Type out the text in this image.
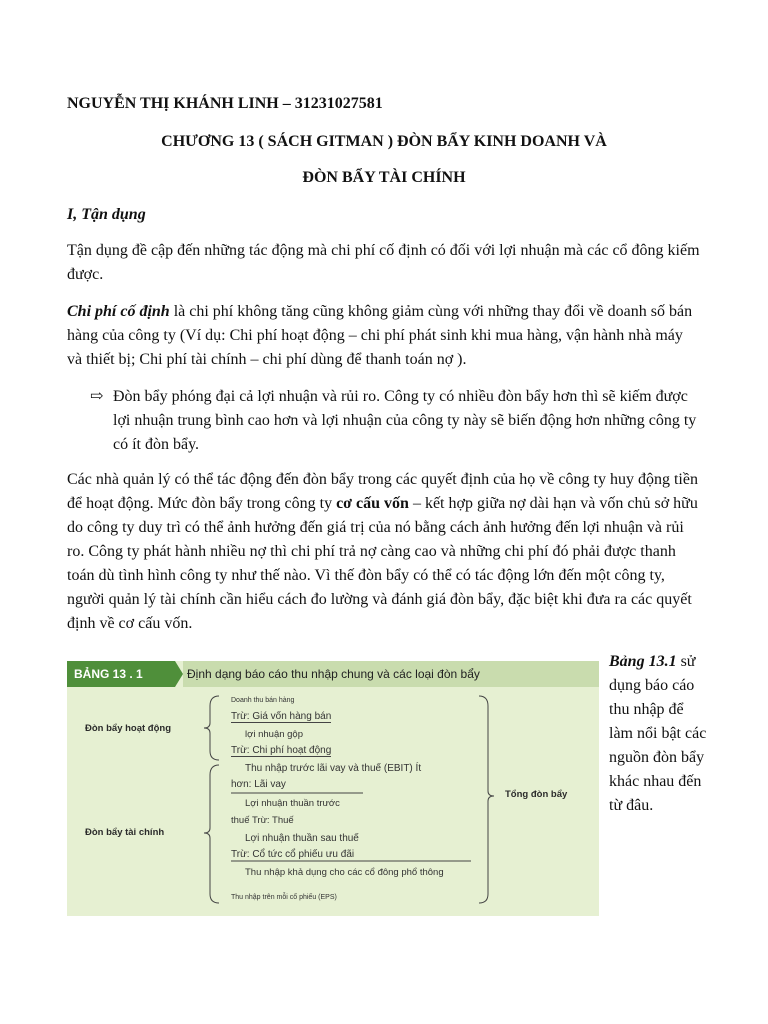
NGUYỄN THỊ KHÁNH LINH – 31231027581
CHƯƠNG 13 ( SÁCH GITMAN ) ĐÒN BẨY KINH DOANH VÀ
ĐÒN BẨY TÀI CHÍNH
I, Tận dụng
Tận dụng đề cập đến những tác động mà chi phí cố định có đối với lợi nhuận mà các cổ đông kiếm được.
Chi phí cố định là chi phí không tăng cũng không giảm cùng với những thay đổi về doanh số bán hàng của công ty (Ví dụ: Chi phí hoạt động – chi phí phát sinh khi mua hàng, vận hành nhà máy và thiết bị; Chi phí tài chính – chi phí dùng để thanh toán nợ ).
⇨ Đòn bẩy phóng đại cả lợi nhuận và rủi ro. Công ty có nhiều đòn bẩy hơn thì sẽ kiếm được lợi nhuận trung bình cao hơn và lợi nhuận của công ty này sẽ biến động hơn những công ty có ít đòn bẩy.
Các nhà quản lý có thể tác động đến đòn bẩy trong các quyết định của họ về công ty huy động tiền để hoạt động. Mức đòn bẩy trong công ty cơ cấu vốn – kết hợp giữa nợ dài hạn và vốn chủ sở hữu do công ty duy trì có thể ảnh hưởng đến giá trị của nó bằng cách ảnh hưởng đến lợi nhuận và rủi ro. Công ty phát hành nhiều nợ thì chi phí trả nợ càng cao và những chi phí đó phải được thanh toán dù tình hình công ty như thế nào. Vì thế đòn bẩy có thể có tác động lớn đến một công ty, người quản lý tài chính cần hiểu cách đo lường và đánh giá đòn bẩy, đặc biệt khi đưa ra các quyết định về cơ cấu vốn.
BẢNG 13 . 1	Định dạng báo cáo thu nhập chung và các loại đòn bẩy
Đòn bẩy hoạt động
Đòn bẩy tài chính
Tổng đòn bẩy
Doanh thu bán hàng
Trừ: Giá vốn hàng bán
lợi nhuận gộp
Trừ: Chi phí hoạt động
Thu nhập trước lãi vay và thuế (EBIT) Ít
hơn: Lãi vay
Lợi nhuận thuần trước
thuế Trừ: Thuế
Lợi nhuận thuần sau thuế
Trừ: Cổ tức cổ phiếu ưu đãi
Thu nhập khả dụng cho các cổ đông phổ thông
Thu nhập trên mỗi cổ phiếu (EPS)
Bảng 13.1 sử dụng báo cáo thu nhập để làm nổi bật các nguồn đòn bẩy khác nhau đến từ đâu.
